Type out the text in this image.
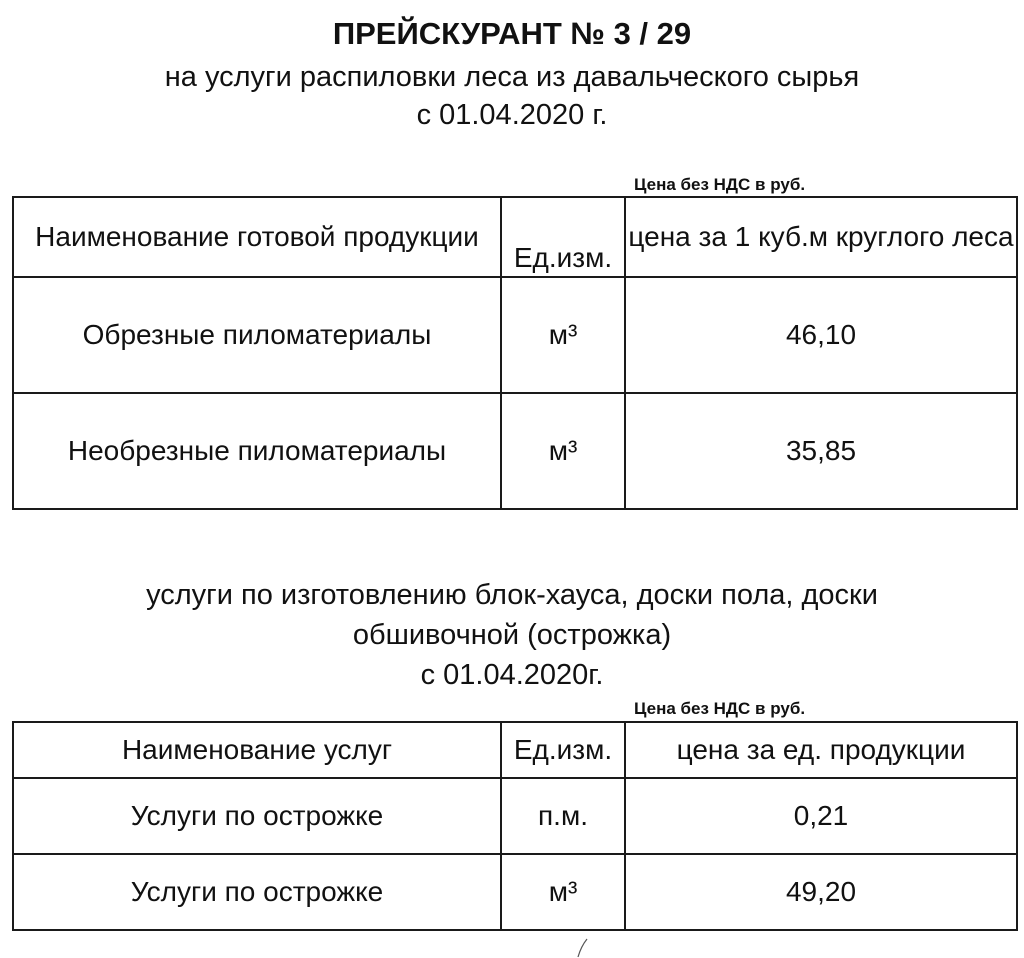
ПРЕЙСКУРАНТ № 3 / 29
на услуги распиловки леса из давальческого сырья
с 01.04.2020 г.
Цена без НДС в руб.
Наименование готовой продукции	Ед.изм.	цена за 1 куб.м круглого леса
Обрезные пиломатериалы	м³	46,10
Необрезные пиломатериалы	м³	35,85
услуги по изготовлению блок-хауса, доски пола, доски
обшивочной (острожка)
с 01.04.2020г.
Цена без НДС в руб.
Наименование услуг	Ед.изм.	цена за ед. продукции
Услуги по острожке	п.м.	0,21
Услуги по острожке	м³	49,20
